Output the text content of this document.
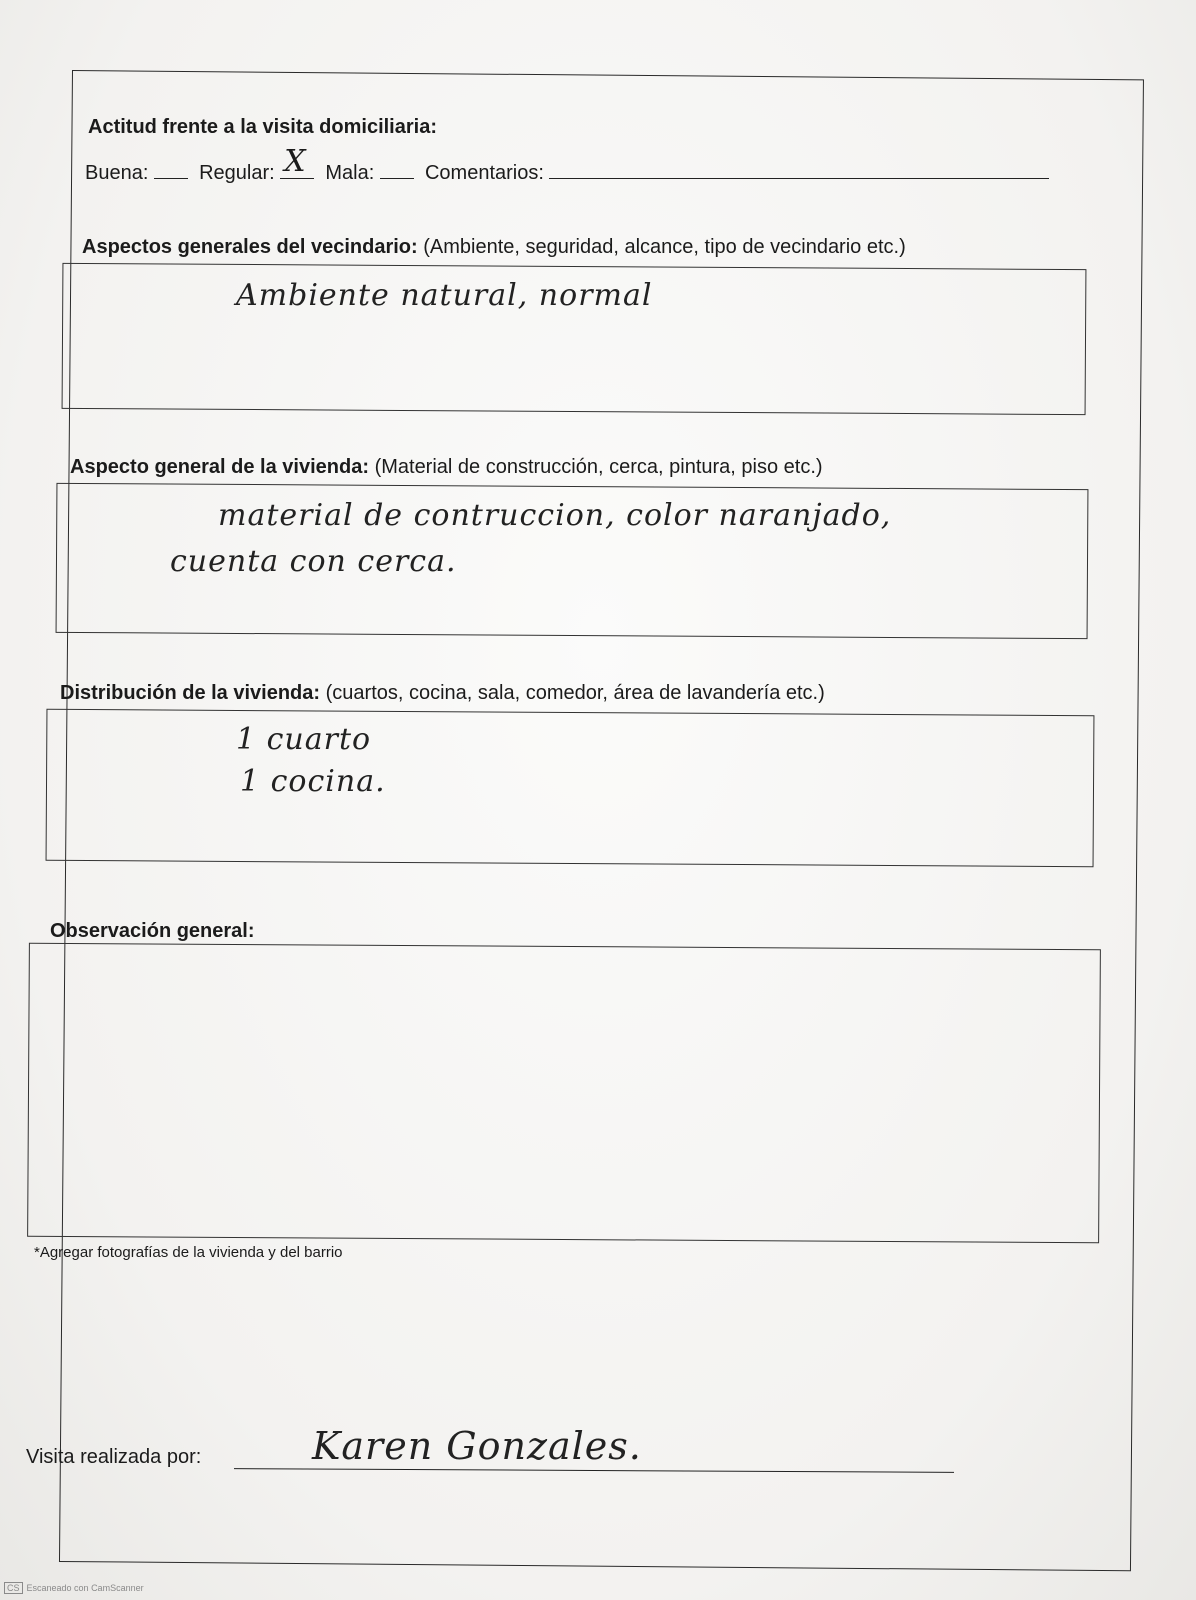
Actitud frente a la visita domiciliaria:
Buena:	Regular: X Mala:	Comentarios:
Aspectos generales del vecindario: (Ambiente, seguridad, alcance, tipo de vecindario etc.)
Ambiente natural, normal
Aspecto general de la vivienda: (Material de construcción, cerca, pintura, piso etc.)
material de contruccion, color naranjado,
cuenta con cerca.
Distribución de la vivienda: (cuartos, cocina, sala, comedor, área de lavandería etc.)
1 cuarto
1 cocina.
Observación general:
*Agregar fotografías de la vivienda y del barrio
Visita realizada por:	Karen Gonzales.
CS Escaneado con CamScanner
